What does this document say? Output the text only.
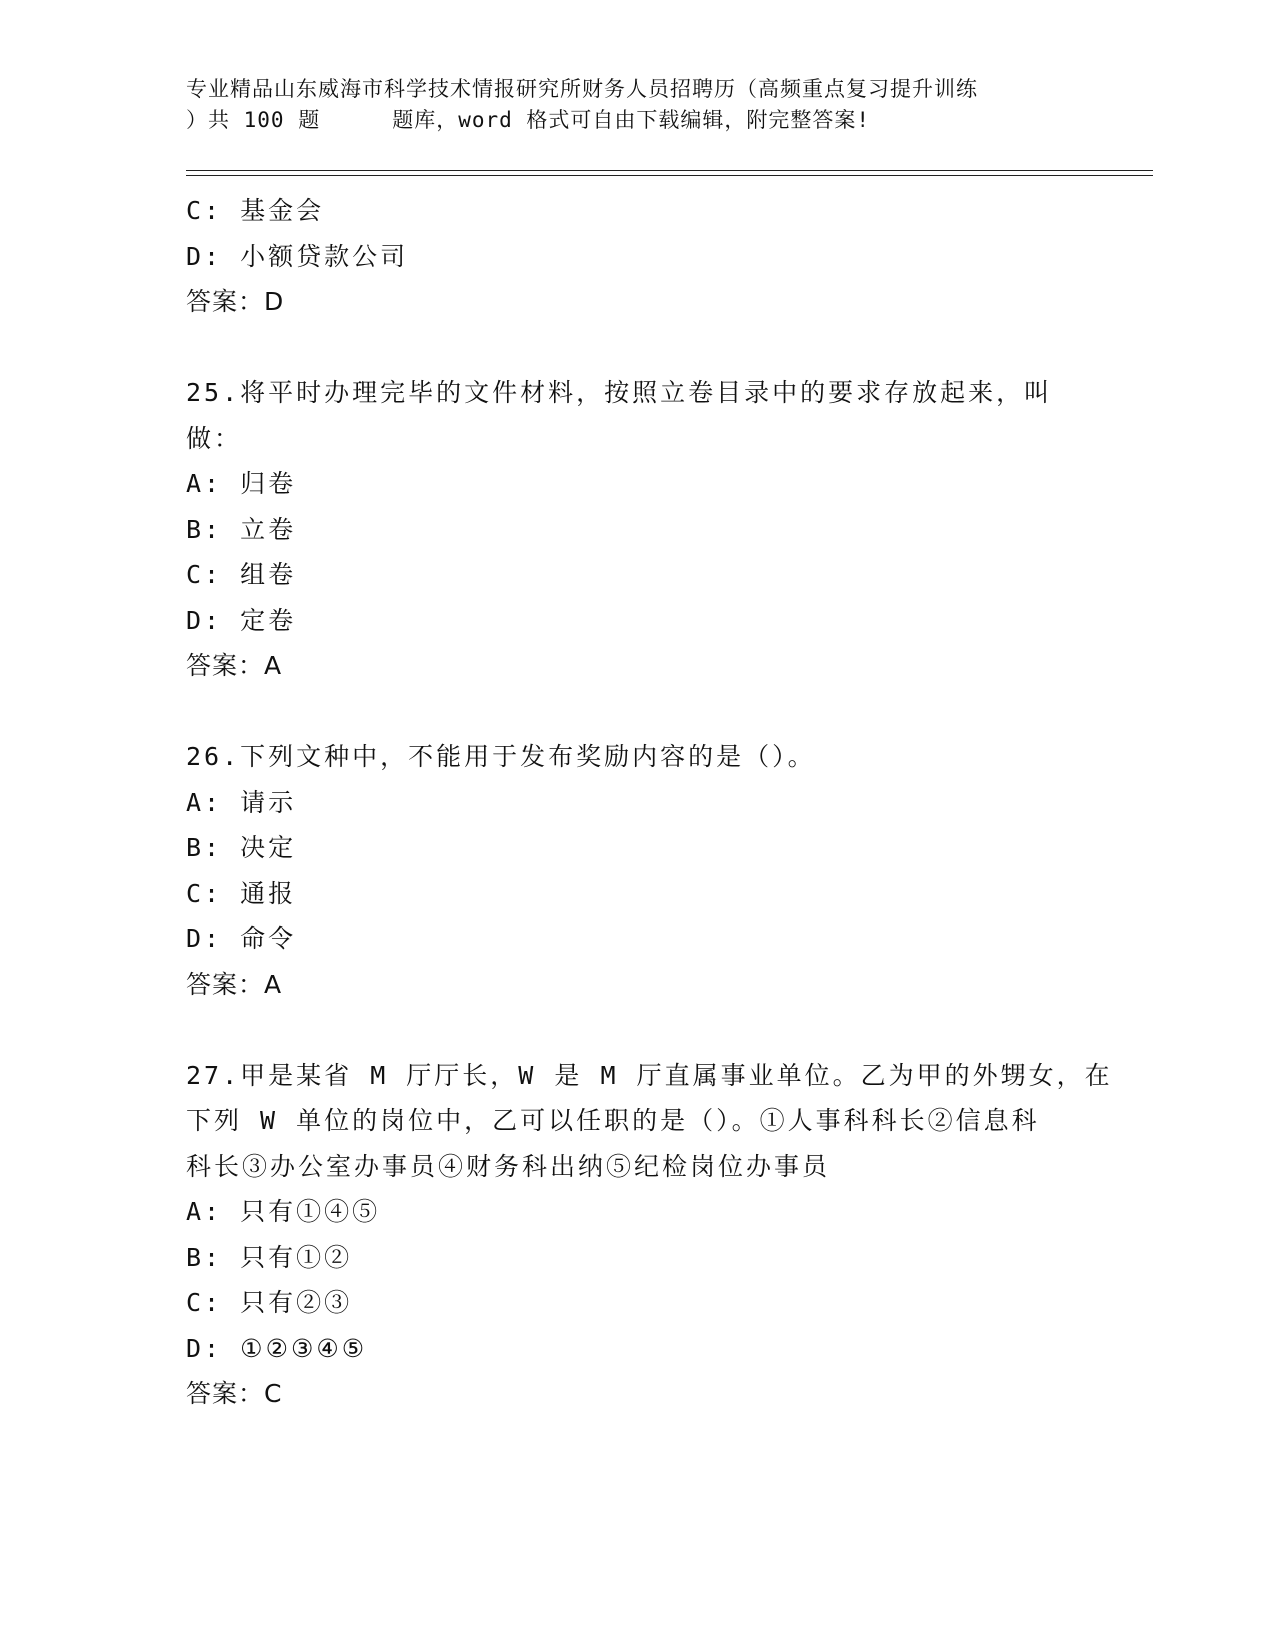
专业精品山东威海市科学技术情报研究所财务人员招聘历（高频重点复习提升训练
）共 100 题	题库，word 格式可自由下载编辑，附完整答案!
C: 基金会
D: 小额贷款公司
答案：D
25.将平时办理完毕的文件材料，按照立卷目录中的要求存放起来，叫
做：
A: 归卷
B: 立卷
C: 组卷
D: 定卷
答案：A
26.下列文种中，不能用于发布奖励内容的是（）。
A: 请示
B: 决定
C: 通报
D: 命令
答案：A
27.甲是某省 M 厅厅长，W 是 M 厅直属事业单位。乙为甲的外甥女，在
下列 W 单位的岗位中，乙可以任职的是（）。①人事科科长②信息科
科长③办公室办事员④财务科出纳⑤纪检岗位办事员
A: 只有①④⑤
B: 只有①②
C: 只有②③
D: ①②③④⑤
答案：C
